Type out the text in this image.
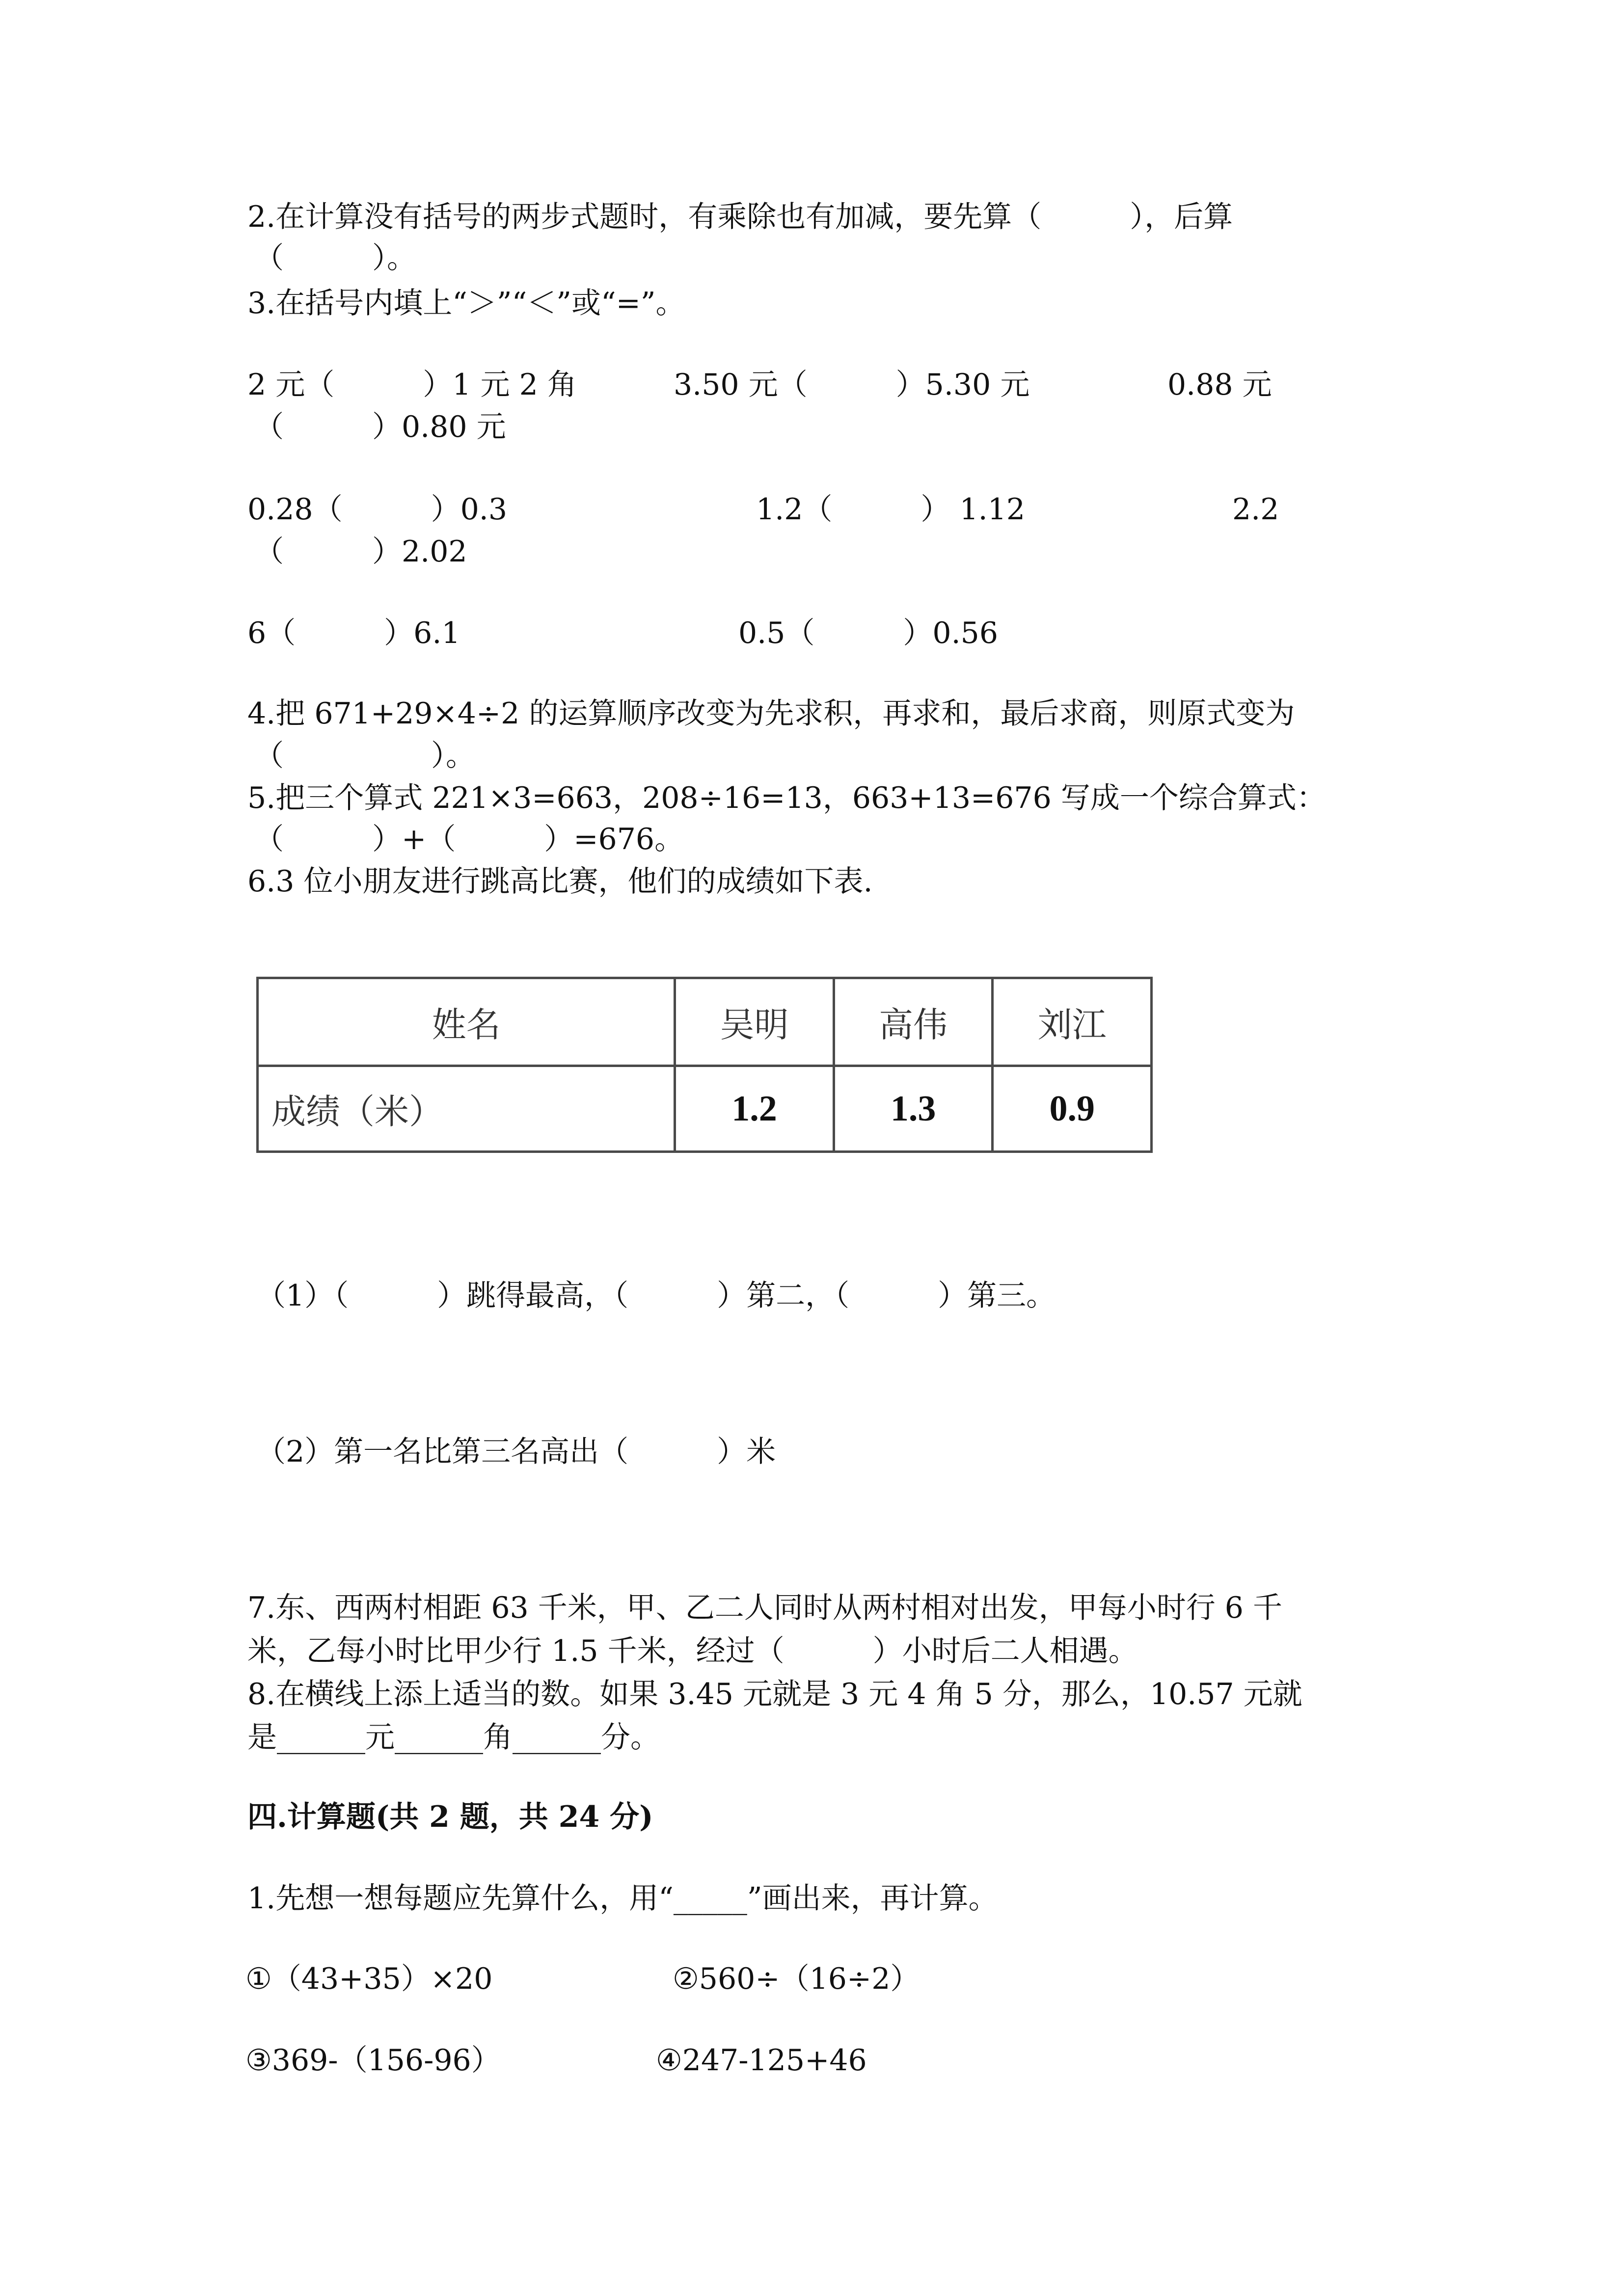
2.在计算没有括号的两步式题时，有乘除也有加减，要先算（　　　），后算
（　　　）。
3.在括号内填上“＞”“＜”或“=”。
2 元（　　　）1 元 2 角	3.50 元（　　　）5.30 元	0.88 元
（　　　）0.80 元
0.28（　　　）0.3	1.2（　　　） 1.12	2.2
（　　　）2.02
6（　　　）6.1	0.5（　　　）0.56
4.把 671+29×4÷2 的运算顺序改变为先求积，再求和，最后求商，则原式变为
（　　　　　）。
5.把三个算式 221×3=663，208÷16=13，663+13=676 写成一个综合算式：
（　　　）+（　　　）=676。
6.3 位小朋友进行跳高比赛，他们的成绩如下表.
姓名	吴明	高伟	刘江
成绩（米）	1.2	1.3	0.9
（1）（　　　）跳得最高，（　　　）第二，（　　　）第三。
（2）第一名比第三名高出（　　　）米
7.东、西两村相距 63 千米，甲、乙二人同时从两村相对出发，甲每小时行 6 千
米，乙每小时比甲少行 1.5 千米，经过（　　　）小时后二人相遇。
8.在横线上添上适当的数。如果 3.45 元就是 3 元 4 角 5 分，那么，10.57 元就
是______元______角______分。
四.计算题(共 2 题，共 24 分)
1.先想一想每题应先算什么，用“_____”画出来，再计算。
①（43+35）×20	②560÷（16÷2）
③369-（156-96）	④247-125+46
